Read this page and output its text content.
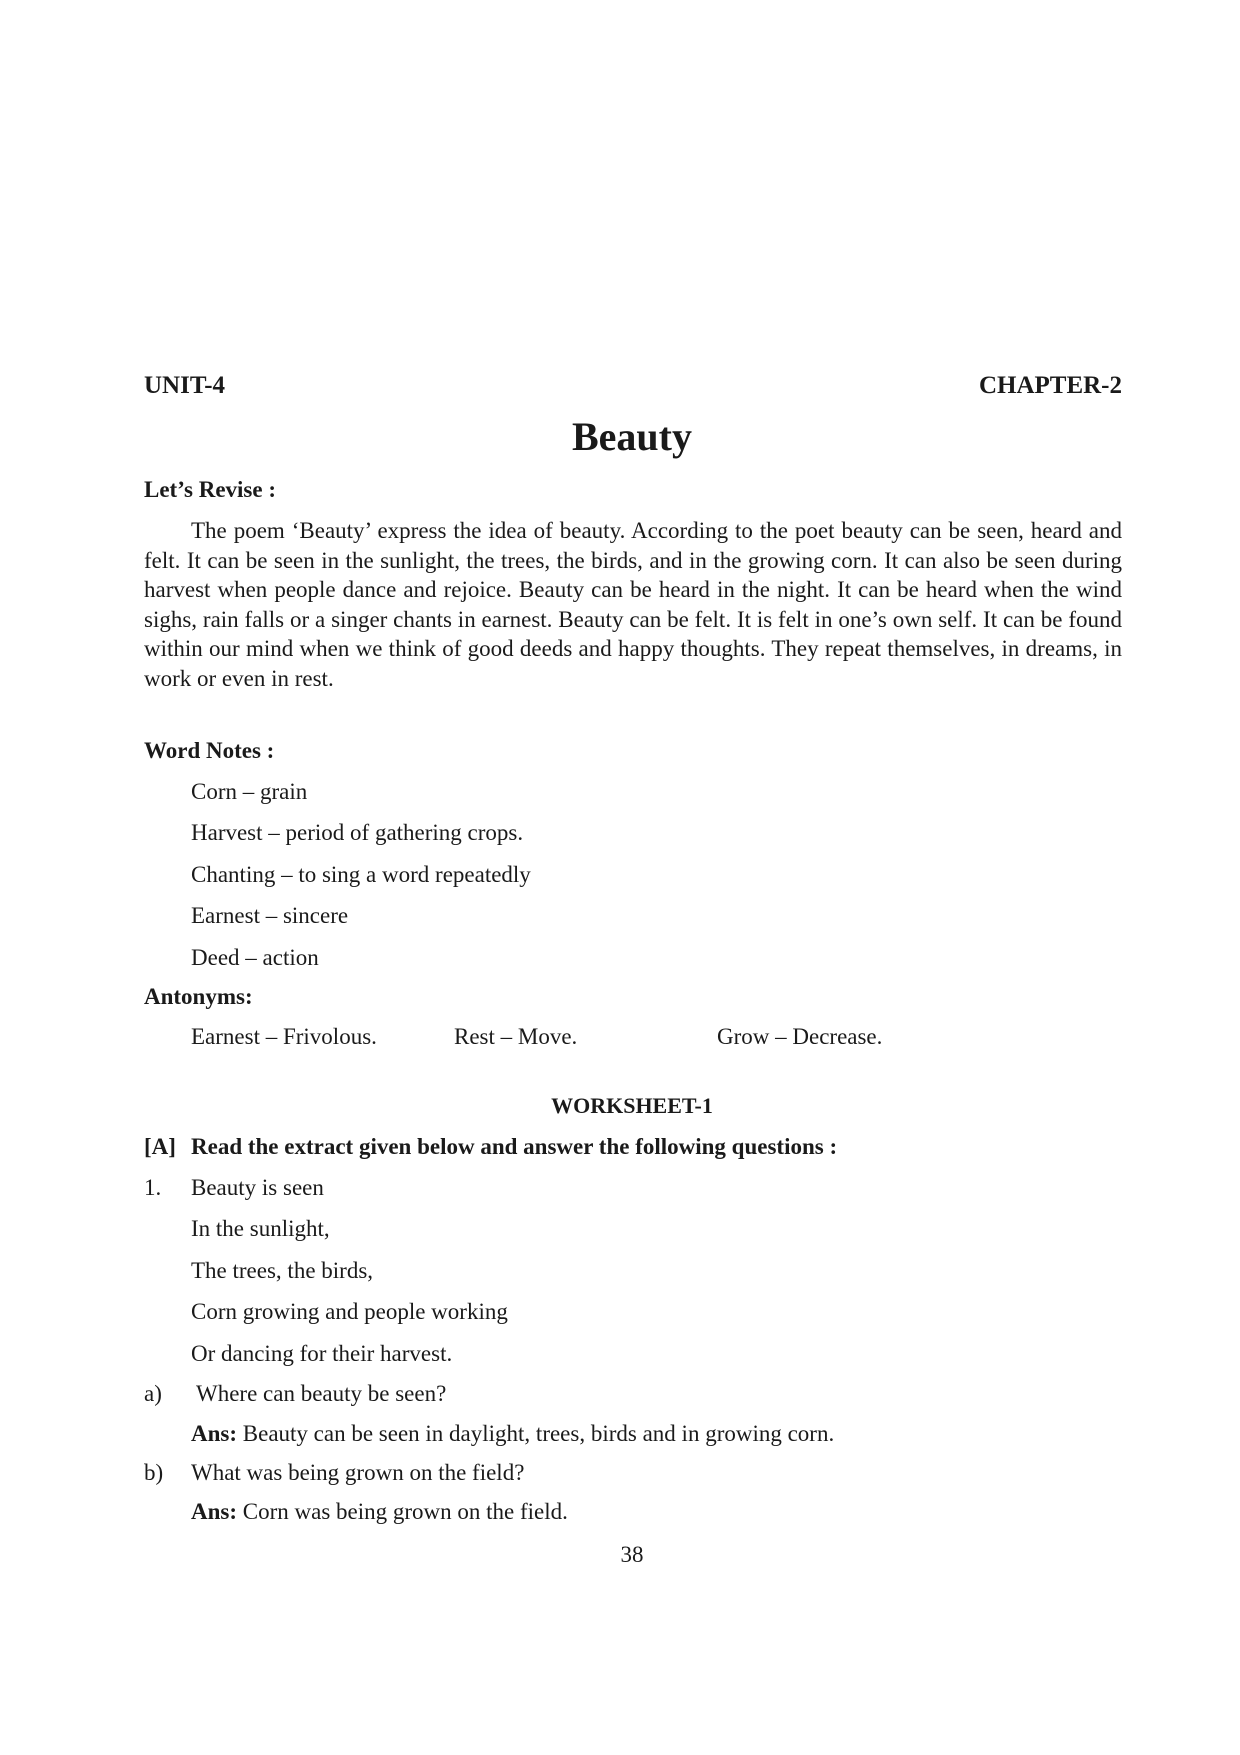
UNIT-4	CHAPTER-2
Beauty
Let’s Revise :
The poem ‘Beauty’ express the idea of beauty. According to the poet beauty can be seen, heard and felt. It can be seen in the sunlight, the trees, the birds, and in the growing corn. It can also be seen during harvest when people dance and rejoice. Beauty can be heard in the night. It can be heard when the wind sighs, rain falls or a singer chants in earnest. Beauty can be felt. It is felt in one’s own self. It can be found within our mind when we think of good deeds and happy thoughts. They repeat themselves, in dreams, in work or even in rest.
Word Notes :
Corn – grain
Harvest – period of gathering crops.
Chanting – to sing a word repeatedly
Earnest – sincere
Deed – action
Antonyms:
Earnest – Frivolous.	Rest – Move.	Grow – Decrease.
WORKSHEET-1
[A] Read the extract given below and answer the following questions :
1. Beauty is seen
In the sunlight,
The trees, the birds,
Corn growing and people working
Or dancing for their harvest.
a) Where can beauty be seen?
Ans: Beauty can be seen in daylight, trees, birds and in growing corn.
b) What was being grown on the field?
Ans: Corn was being grown on the field.
38
